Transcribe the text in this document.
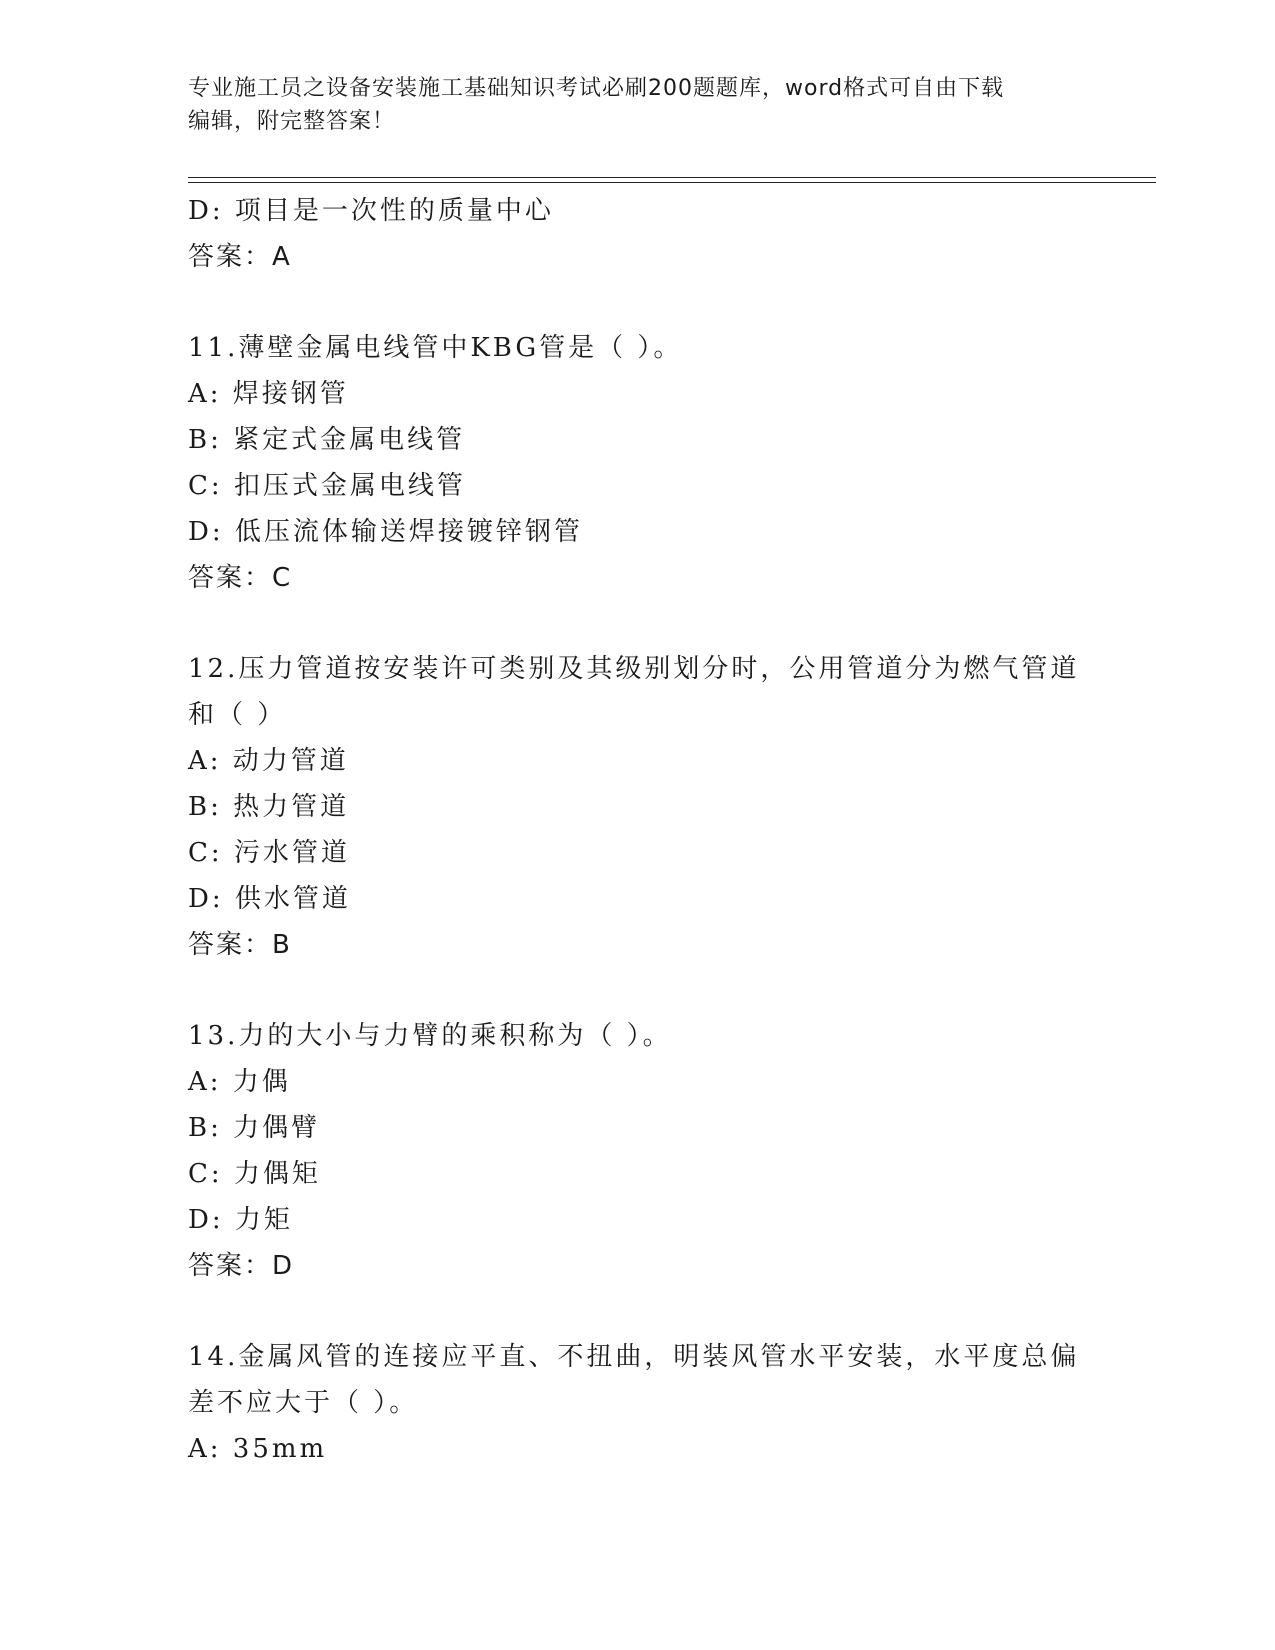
专业施工员之设备安装施工基础知识考试必刷200题题库，word格式可自由下载
编辑，附完整答案！
D: 项目是一次性的质量中心
答案：A
11.薄壁金属电线管中KBG管是（ ）。
A: 焊接钢管
B: 紧定式金属电线管
C: 扣压式金属电线管
D: 低压流体输送焊接镀锌钢管
答案：C
12.压力管道按安装许可类别及其级别划分时，公用管道分为燃气管道
和（ ）
A: 动力管道
B: 热力管道
C: 污水管道
D: 供水管道
答案：B
13.力的大小与力臂的乘积称为（ ）。
A: 力偶
B: 力偶臂
C: 力偶矩
D: 力矩
答案：D
14.金属风管的连接应平直、不扭曲，明装风管水平安装，水平度总偏
差不应大于（ ）。
A: 35mm
